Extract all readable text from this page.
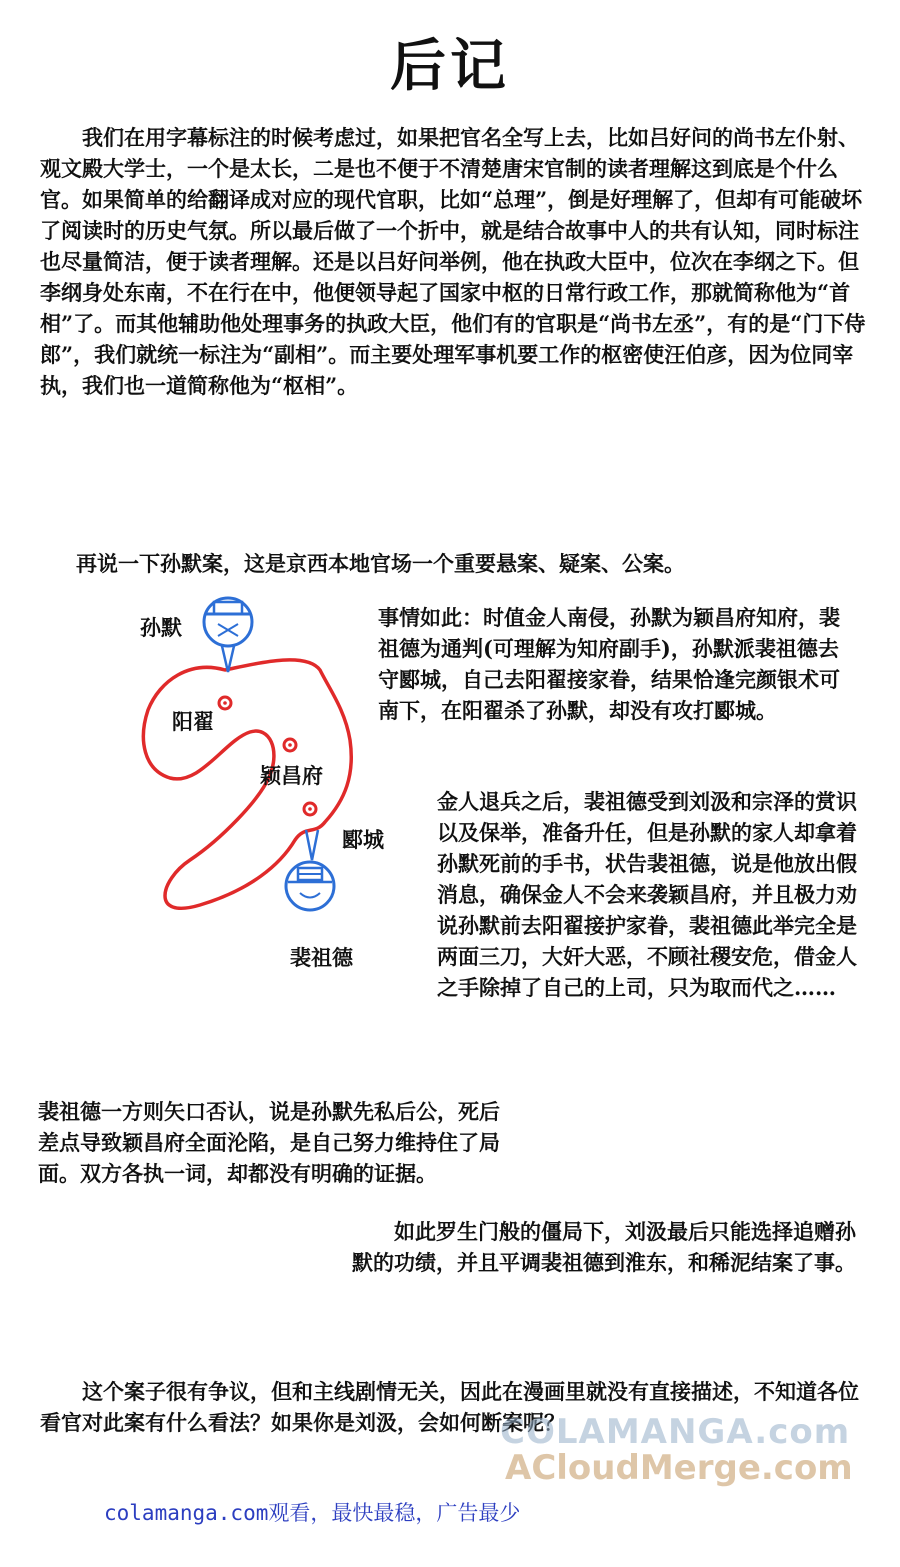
后记

我们在用字幕标注的时候考虑过，如果把官名全写上去，比如吕好问的尚书左仆射、观文殿大学士，一个是太长，二是也不便于不清楚唐宋官制的读者理解这到底是个什么官。如果简单的给翻译成对应的现代官职，比如“总理”，倒是好理解了，但却有可能破坏了阅读时的历史气氛。所以最后做了一个折中，就是结合故事中人的共有认知，同时标注也尽量简洁，便于读者理解。还是以吕好问举例，他在执政大臣中，位次在李纲之下。但李纲身处东南，不在行在中，他便领导起了国家中枢的日常行政工作，那就简称他为“首相”了。而其他辅助他处理事务的执政大臣，他们有的官职是“尚书左丞”，有的是“门下侍郎”，我们就统一标注为“副相”。而主要处理军事机要工作的枢密使汪伯彦，因为位同宰执，我们也一道简称他为“枢相”。

再说一下孙默案，这是京西本地官场一个重要悬案、疑案、公案。

孙默
阳翟
颖昌府
郾城
裴祖德

事情如此：时值金人南侵，孙默为颖昌府知府，裴祖德为通判(可理解为知府副手)，孙默派裴祖德去守郾城，自己去阳翟接家眷，结果恰逢完颜银术可南下，在阳翟杀了孙默，却没有攻打郾城。

金人退兵之后，裴祖德受到刘汲和宗泽的赏识以及保举，准备升任，但是孙默的家人却拿着孙默死前的手书，状告裴祖德，说是他放出假消息，确保金人不会来袭颖昌府，并且极力劝说孙默前去阳翟接护家眷，裴祖德此举完全是两面三刀，大奸大恶，不顾社稷安危，借金人之手除掉了自己的上司，只为取而代之……

裴祖德一方则矢口否认，说是孙默先私后公，死后差点导致颖昌府全面沦陷，是自己努力维持住了局面。双方各执一词，却都没有明确的证据。

如此罗生门般的僵局下，刘汲最后只能选择追赠孙默的功绩，并且平调裴祖德到淮东，和稀泥结案了事。

这个案子很有争议，但和主线剧情无关，因此在漫画里就没有直接描述，不知道各位看官对此案有什么看法？如果你是刘汲，会如何断案呢？

COLAMANGA.com
ACloudMerge.com
colamanga.com观看，最快最稳，广告最少
